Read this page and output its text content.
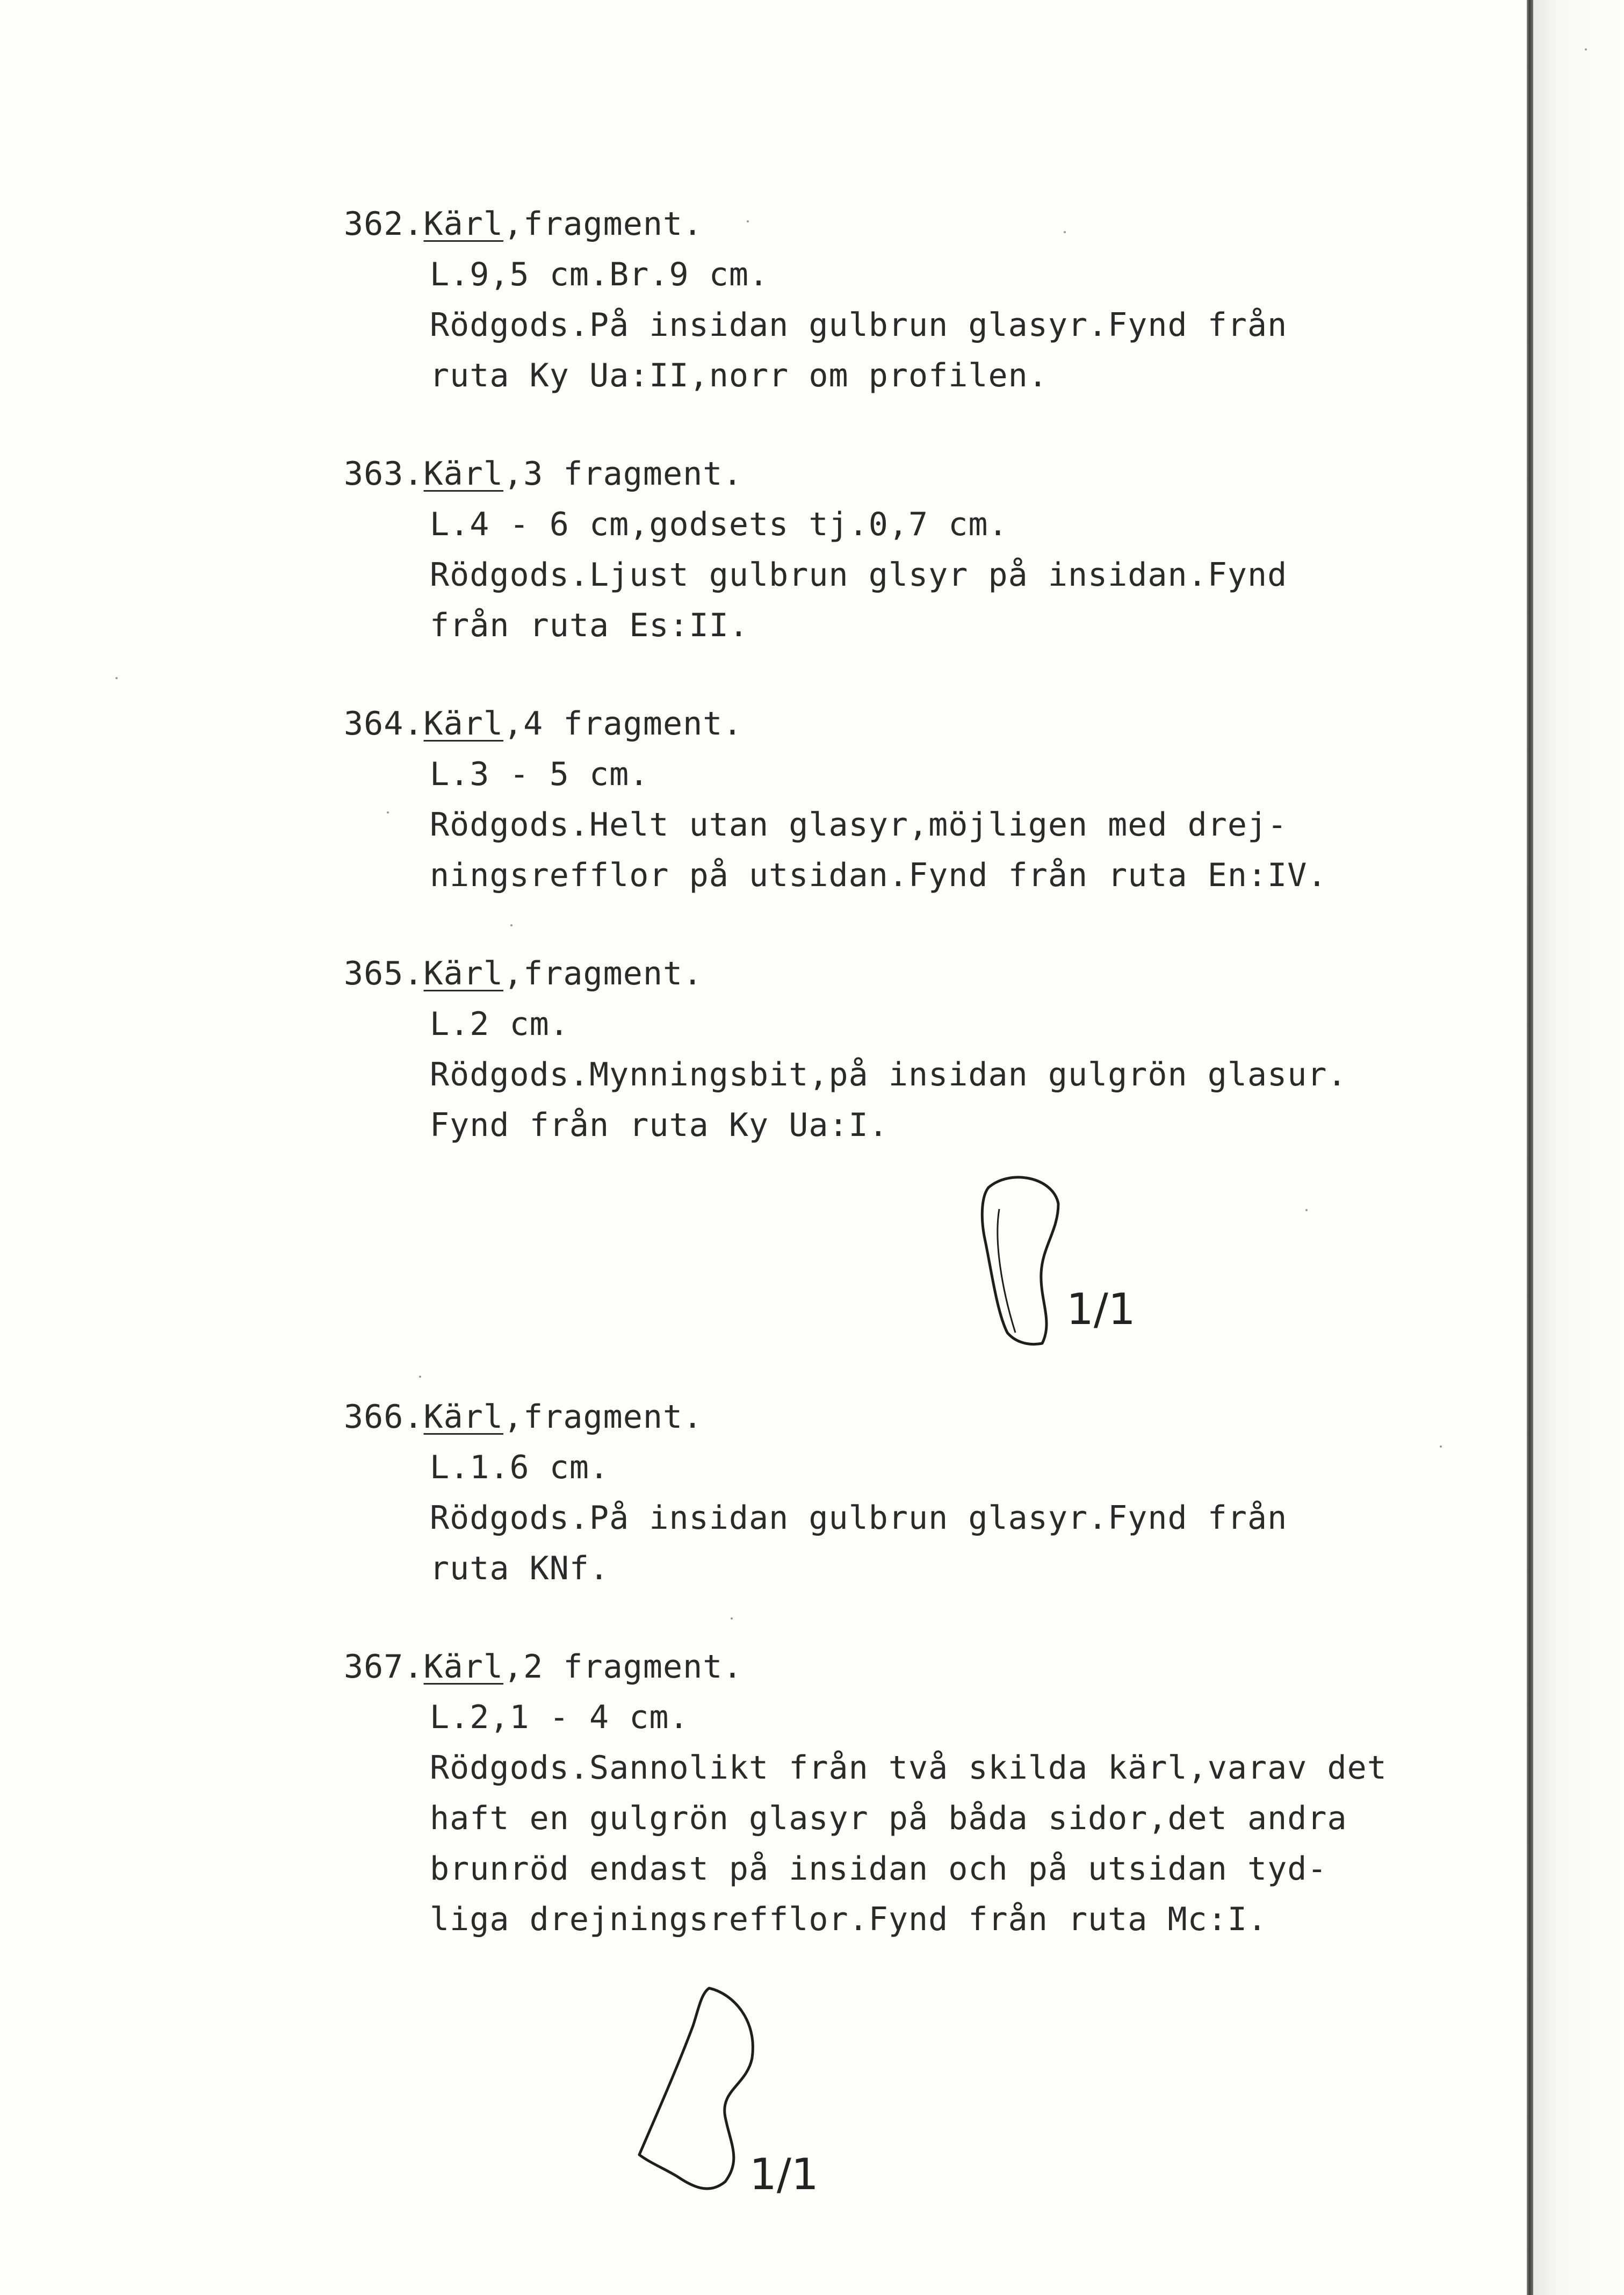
362.Kärl,fragment.
L.9,5 cm.Br.9 cm.
Rödgods.På insidan gulbrun glasyr.Fynd från
ruta Ky Ua:II,norr om profilen.
363.Kärl,3 fragment.
L.4 - 6 cm,godsets tj.0,7 cm.
Rödgods.Ljust gulbrun glsyr på insidan.Fynd
från ruta Es:II.
364.Kärl,4 fragment.
L.3 - 5 cm.
Rödgods.Helt utan glasyr,möjligen med drej-
ningsrefflor på utsidan.Fynd från ruta En:IV.
365.Kärl,fragment.
L.2 cm.
Rödgods.Mynningsbit,på insidan gulgrön glasur.
Fynd från ruta Ky Ua:I.
1/1
366.Kärl,fragment.
L.1.6 cm.
Rödgods.På insidan gulbrun glasyr.Fynd från
ruta KNf.
367.Kärl,2 fragment.
L.2,1 - 4 cm.
Rödgods.Sannolikt från två skilda kärl,varav det
haft en gulgrön glasyr på båda sidor,det andra
brunröd endast på insidan och på utsidan tyd-
liga drejningsrefflor.Fynd från ruta Mc:I.
1/1
